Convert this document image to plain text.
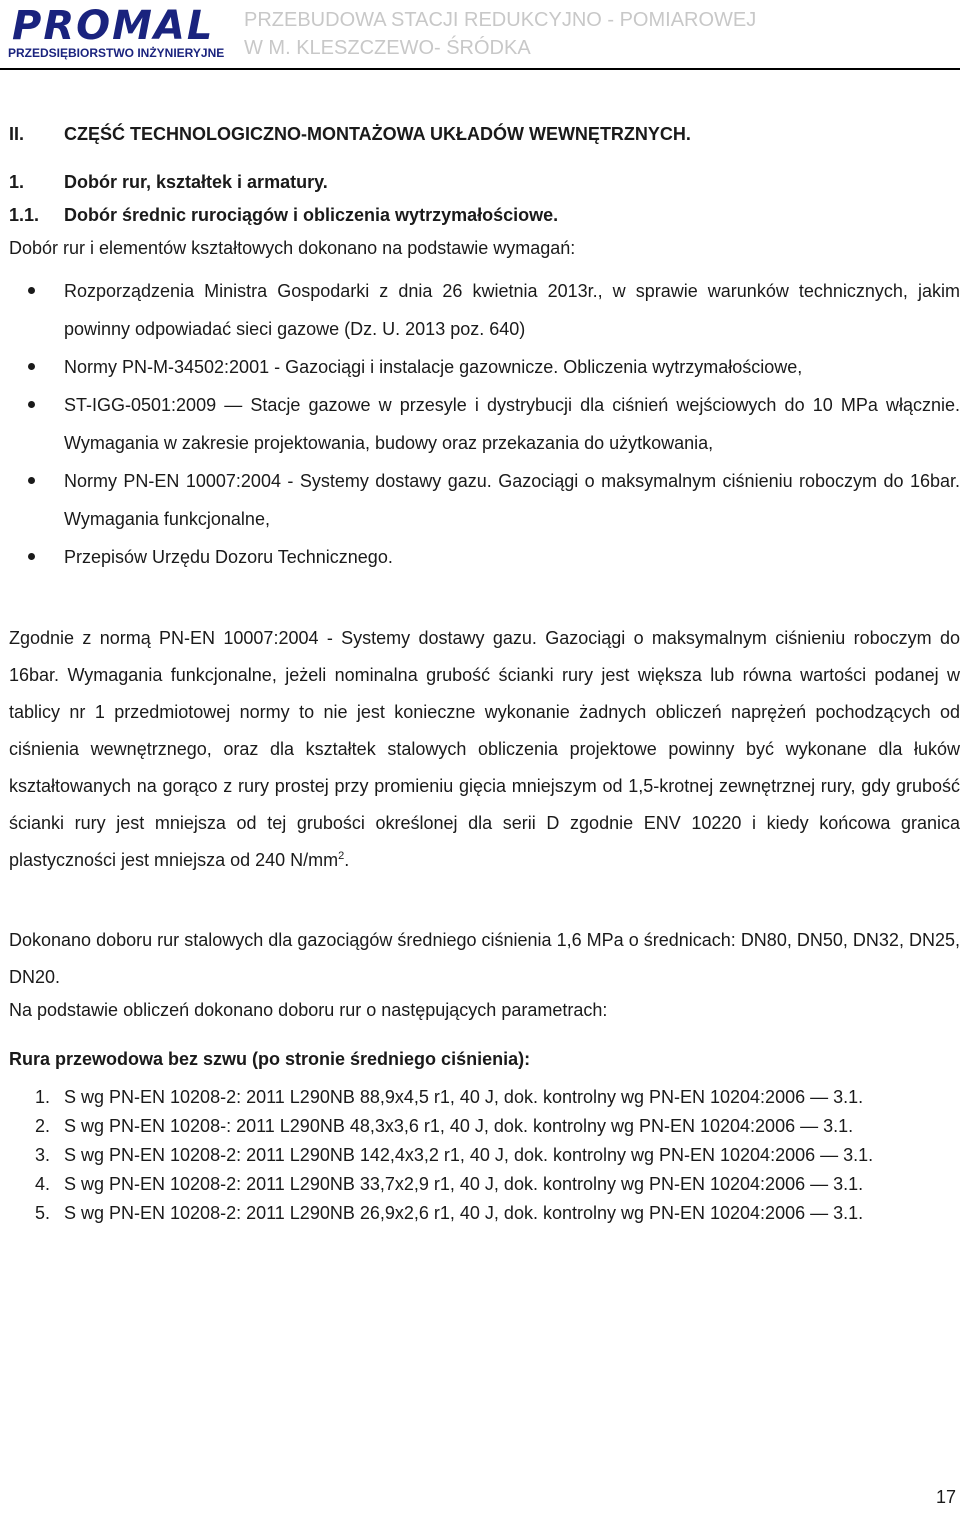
PROMAL
PRZEDSIĘBIORSTWO INŻYNIERYJNE
PRZEBUDOWA STACJI REDUKCYJNO - POMIAROWEJ
W M. KLESZCZEWO- ŚRÓDKA
II.	CZĘŚĆ TECHNOLOGICZNO-MONTAŻOWA UKŁADÓW WEWNĘTRZNYCH.
1.	Dobór rur, kształtek i armatury.
1.1.	Dobór średnic rurociągów i obliczenia wytrzymałościowe.

Dobór rur i elementów kształtowych dokonano na podstawie wymagań:

Rozporządzenia Ministra Gospodarki z dnia 26 kwietnia 2013r., w sprawie warunków technicznych, jakim powinny odpowiadać sieci gazowe (Dz. U. 2013 poz. 640)
Normy PN-M-34502:2001 - Gazociągi i instalacje gazownicze. Obliczenia wytrzymałościowe,
ST-IGG-0501:2009 ― Stacje gazowe w przesyle i dystrybucji dla ciśnień wejściowych do 10 MPa włącznie. Wymagania w zakresie projektowania, budowy oraz przekazania do użytkowania,
Normy PN-EN 10007:2004 - Systemy dostawy gazu. Gazociągi o maksymalnym ciśnieniu roboczym do 16bar. Wymagania funkcjonalne,
Przepisów Urzędu Dozoru Technicznego.

Zgodnie z normą PN-EN 10007:2004 - Systemy dostawy gazu. Gazociągi o maksymalnym ciśnieniu roboczym do 16bar. Wymagania funkcjonalne, jeżeli nominalna grubość ścianki rury jest większa lub równa wartości podanej w tablicy nr 1 przedmiotowej normy to nie jest konieczne wykonanie żadnych obliczeń naprężeń pochodzących od ciśnienia wewnętrznego, oraz dla kształtek stalowych obliczenia projektowe powinny być wykonane dla łuków kształtowanych na gorąco z rury prostej przy promieniu gięcia mniejszym od 1,5-krotnej zewnętrznej rury, gdy grubość ścianki rury jest mniejsza od tej grubości określonej dla serii D zgodnie ENV 10220 i kiedy końcowa granica plastyczności jest mniejsza od 240 $N/mm^2$.

Dokonano doboru rur stalowych dla gazociągów średniego ciśnienia 1,6 MPa o średnicach: DN80, DN50, DN32, DN25, DN20.

Na podstawie obliczeń dokonano doboru rur o następujących parametrach:

Rura przewodowa bez szwu (po stronie średniego ciśnienia):

1. S wg PN-EN 10208-2: 2011 L290NB 88,9x4,5 r1, 40 J, dok. kontrolny wg PN-EN 10204:2006 ― 3.1.
2. S wg PN-EN 10208-: 2011 L290NB 48,3x3,6 r1, 40 J, dok. kontrolny wg PN-EN 10204:2006 ― 3.1.
3. S wg PN-EN 10208-2: 2011 L290NB 142,4x3,2 r1, 40 J, dok. kontrolny wg PN-EN 10204:2006 ― 3.1.
4. S wg PN-EN 10208-2: 2011 L290NB 33,7x2,9 r1, 40 J, dok. kontrolny wg PN-EN 10204:2006 ― 3.1.
5. S wg PN-EN 10208-2: 2011 L290NB 26,9x2,6 r1, 40 J, dok. kontrolny wg PN-EN 10204:2006 ― 3.1.
17
